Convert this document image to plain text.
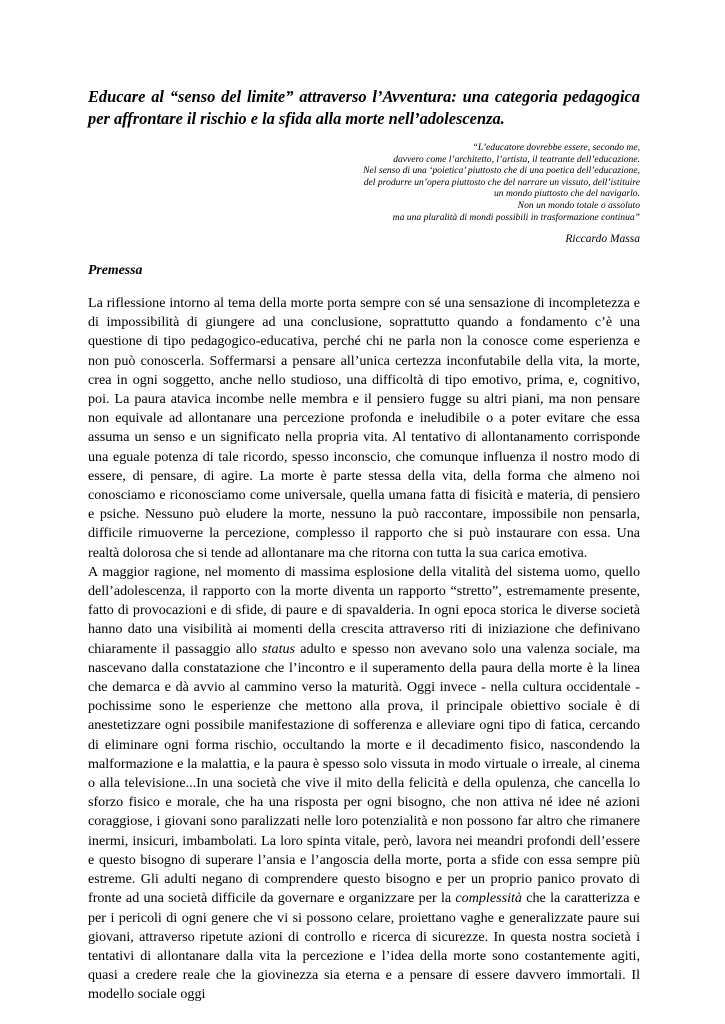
Educare al “senso del limite” attraverso l’Avventura: una categoria pedagogica per affrontare il rischio e la sfida alla morte nell’adolescenza.
“L’educatore dovrebbe essere, secondo me,
davvero come l’architetto, l’artista, il teatrante dell’educazione.
Nel senso di una ‘poietica’ piuttosto che di una poetica dell’educazione,
del produrre un’opera piuttosto che del narrare un vissuto, dell’istituire
un mondo piuttosto che del navigarlo.
Non un mondo totale o assoluto
ma una pluralità di mondi possibili in trasformazione continua”
Riccardo Massa
Premessa

La riflessione intorno al tema della morte porta sempre con sé una sensazione di incompletezza e di impossibilità di giungere ad una conclusione, soprattutto quando a fondamento c’è una questione di tipo pedagogico-educativa, perché chi ne parla non la conosce come esperienza e non può conoscerla. Soffermarsi a pensare all’unica certezza inconfutabile della vita, la morte, crea in ogni soggetto, anche nello studioso, una difficoltà di tipo emotivo, prima, e, cognitivo, poi. La paura atavica incombe nelle membra e il pensiero fugge su altri piani, ma non pensare non equivale ad allontanare una percezione profonda e ineludibile o a poter evitare che essa assuma un senso e un significato nella propria vita. Al tentativo di allontanamento corrisponde una eguale potenza di tale ricordo, spesso inconscio, che comunque influenza il nostro modo di essere, di pensare, di agire. La morte è parte stessa della vita, della forma che almeno noi conosciamo e riconosciamo come universale, quella umana fatta di fisicità e materia, di pensiero e psiche. Nessuno può eludere la morte, nessuno la può raccontare, impossibile non pensarla, difficile rimuoverne la percezione, complesso il rapporto che si può instaurare con essa. Una realtà dolorosa che si tende ad allontanare ma che ritorna con tutta la sua carica emotiva.

A maggior ragione, nel momento di massima esplosione della vitalità del sistema uomo, quello dell’adolescenza, il rapporto con la morte diventa un rapporto “stretto”, estremamente presente, fatto di provocazioni e di sfide, di paure e di spavalderia. In ogni epoca storica le diverse società hanno dato una visibilità ai momenti della crescita attraverso riti di iniziazione che definivano chiaramente il passaggio allo status adulto e spesso non avevano solo una valenza sociale, ma nascevano dalla constatazione che l’incontro e il superamento della paura della morte è la linea che demarca e dà avvio al cammino verso la maturità. Oggi invece - nella cultura occidentale - pochissime sono le esperienze che mettono alla prova, il principale obiettivo sociale è di anestetizzare ogni possibile manifestazione di sofferenza e alleviare ogni tipo di fatica, cercando di eliminare ogni forma rischio, occultando la morte e il decadimento fisico, nascondendo la malformazione e la malattia, e la paura è spesso solo vissuta in modo virtuale o irreale, al cinema o alla televisione...In una società che vive il mito della felicità e della opulenza, che cancella lo sforzo fisico e morale, che ha una risposta per ogni bisogno, che non attiva né idee né azioni coraggiose, i giovani sono paralizzati nelle loro potenzialità e non possono far altro che rimanere inermi, insicuri, imbambolati. La loro spinta vitale, però, lavora nei meandri profondi dell’essere e questo bisogno di superare l’ansia e l’angoscia della morte, porta a sfide con essa sempre più estreme. Gli adulti negano di comprendere questo bisogno e per un proprio panico provato di fronte ad una società difficile da governare e organizzare per la complessità che la caratterizza e per i pericoli di ogni genere che vi si possono celare, proiettano vaghe e generalizzate paure sui giovani, attraverso ripetute azioni di controllo e ricerca di sicurezze. In questa nostra società i tentativi di allontanare dalla vita la percezione e l’idea della morte sono costantemente agiti, quasi a credere reale che la giovinezza sia eterna e a pensare di essere davvero immortali. Il modello sociale oggi
